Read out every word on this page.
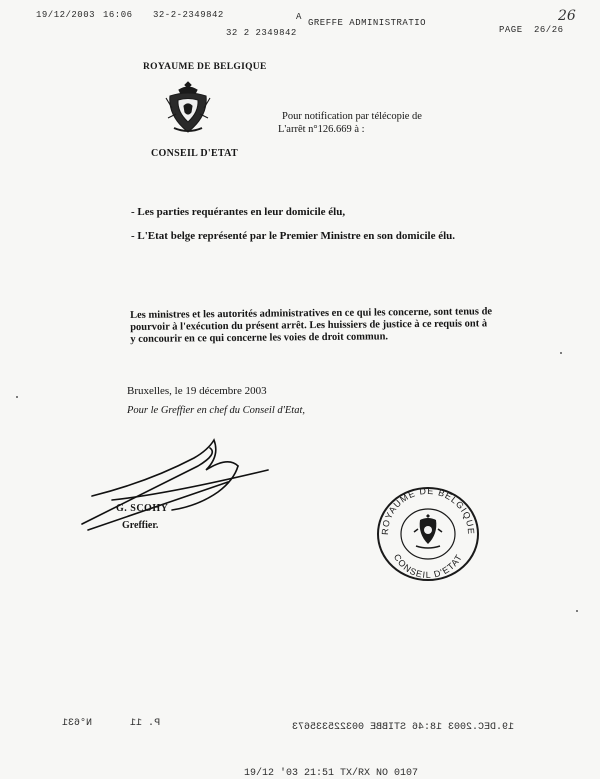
19/12/2003 16:06 32-2-2349842	A
GREFFE ADMINISTRATIO
32 2 2349842	PAGE 26/26
26
ROYAUME DE BELGIQUE
CONSEIL D'ETAT
Pour notification par télécopie de
L'arrêt n°126.669 à :
- Les parties requérantes en leur domicile élu,
- L'Etat belge représenté par le Premier Ministre en son domicile élu.
Les ministres et les autorités administratives en ce qui les concerne, sont tenus de
pourvoir à l'exécution du présent arrêt. Les huissiers de justice à ce requis ont à
y concourir en ce qui concerne les voies de droit commun.
Bruxelles, le 19 décembre 2003
Pour le Greffier en chef du Conseil d'Etat,
G. SCOHY
Greffier.
ROYAUME DE BELGIQUE
CONSEIL D'ETAT
P. 11  N°631	19.DEC.2003 18:46 STIBBE 003225335673
19/12 '03 21:51 TX/RX NO 0107
